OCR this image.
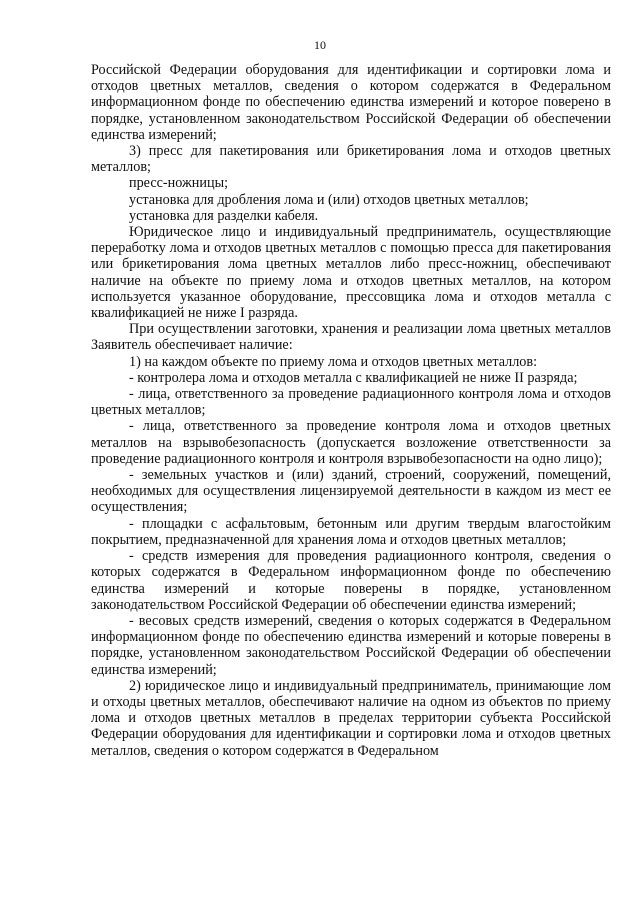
10

Российской Федерации оборудования для идентификации и сортировки лома и отходов цветных металлов, сведения о котором содержатся в Федеральном информационном фонде по обеспечению единства измерений и которое поверено в порядке, установленном законодательством Российской Федерации об обеспечении единства измерений;

3) пресс для пакетирования или брикетирования лома и отходов цветных металлов;

пресс-ножницы;

установка для дробления лома и (или) отходов цветных металлов;

установка для разделки кабеля.

Юридическое лицо и индивидуальный предприниматель, осуществляющие переработку лома и отходов цветных металлов с помощью пресса для пакетирования или брикетирования лома цветных металлов либо пресс-ножниц, обеспечивают наличие на объекте по приему лома и отходов цветных металлов, на котором используется указанное оборудование, прессовщика лома и отходов металла с квалификацией не ниже I разряда.

При осуществлении заготовки, хранения и реализации лома цветных металлов Заявитель обеспечивает наличие:

1) на каждом объекте по приему лома и отходов цветных металлов:

- контролера лома и отходов металла с квалификацией не ниже II разряда;

- лица, ответственного за проведение радиационного контроля лома и отходов цветных металлов;

- лица, ответственного за проведение контроля лома и отходов цветных металлов на взрывобезопасность (допускается возложение ответственности за проведение радиационного контроля и контроля взрывобезопасности на одно лицо);

- земельных участков и (или) зданий, строений, сооружений, помещений, необходимых для осуществления лицензируемой деятельности в каждом из мест ее осуществления;

- площадки с асфальтовым, бетонным или другим твердым влагостойким покрытием, предназначенной для хранения лома и отходов цветных металлов;

- средств измерения для проведения радиационного контроля, сведения о которых содержатся в Федеральном информационном фонде по обеспечению единства измерений и которые поверены в порядке, установленном законодательством Российской Федерации об обеспечении единства измерений;

- весовых средств измерений, сведения о которых содержатся в Федеральном информационном фонде по обеспечению единства измерений и которые поверены в порядке, установленном законодательством Российской Федерации об обеспечении единства измерений;

2) юридическое лицо и индивидуальный предприниматель, принимающие лом и отходы цветных металлов, обеспечивают наличие на одном из объектов по приему лома и отходов цветных металлов в пределах территории субъекта Российской Федерации оборудования для идентификации и сортировки лома и отходов цветных металлов, сведения о котором содержатся в Федеральном
